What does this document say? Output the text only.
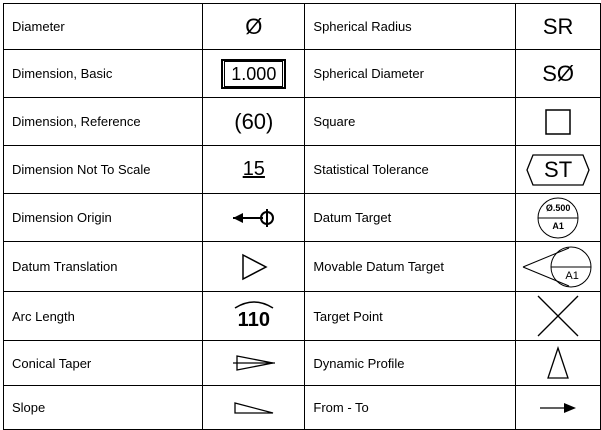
Diameter	Ø	Spherical Radius	SR
Dimension, Basic	1.000	Spherical Diameter	SØ
Dimension, Reference	(60)	Square	

Dimension Not To Scale	15	Statistical Tolerance	ST

Dimension Origin		Datum Target	Ø.500
A1

Datum Translation		Movable Datum Target	A1

Arc Length	110	Target Point	

Conical Taper		Dynamic Profile	

Slope		From - To	
